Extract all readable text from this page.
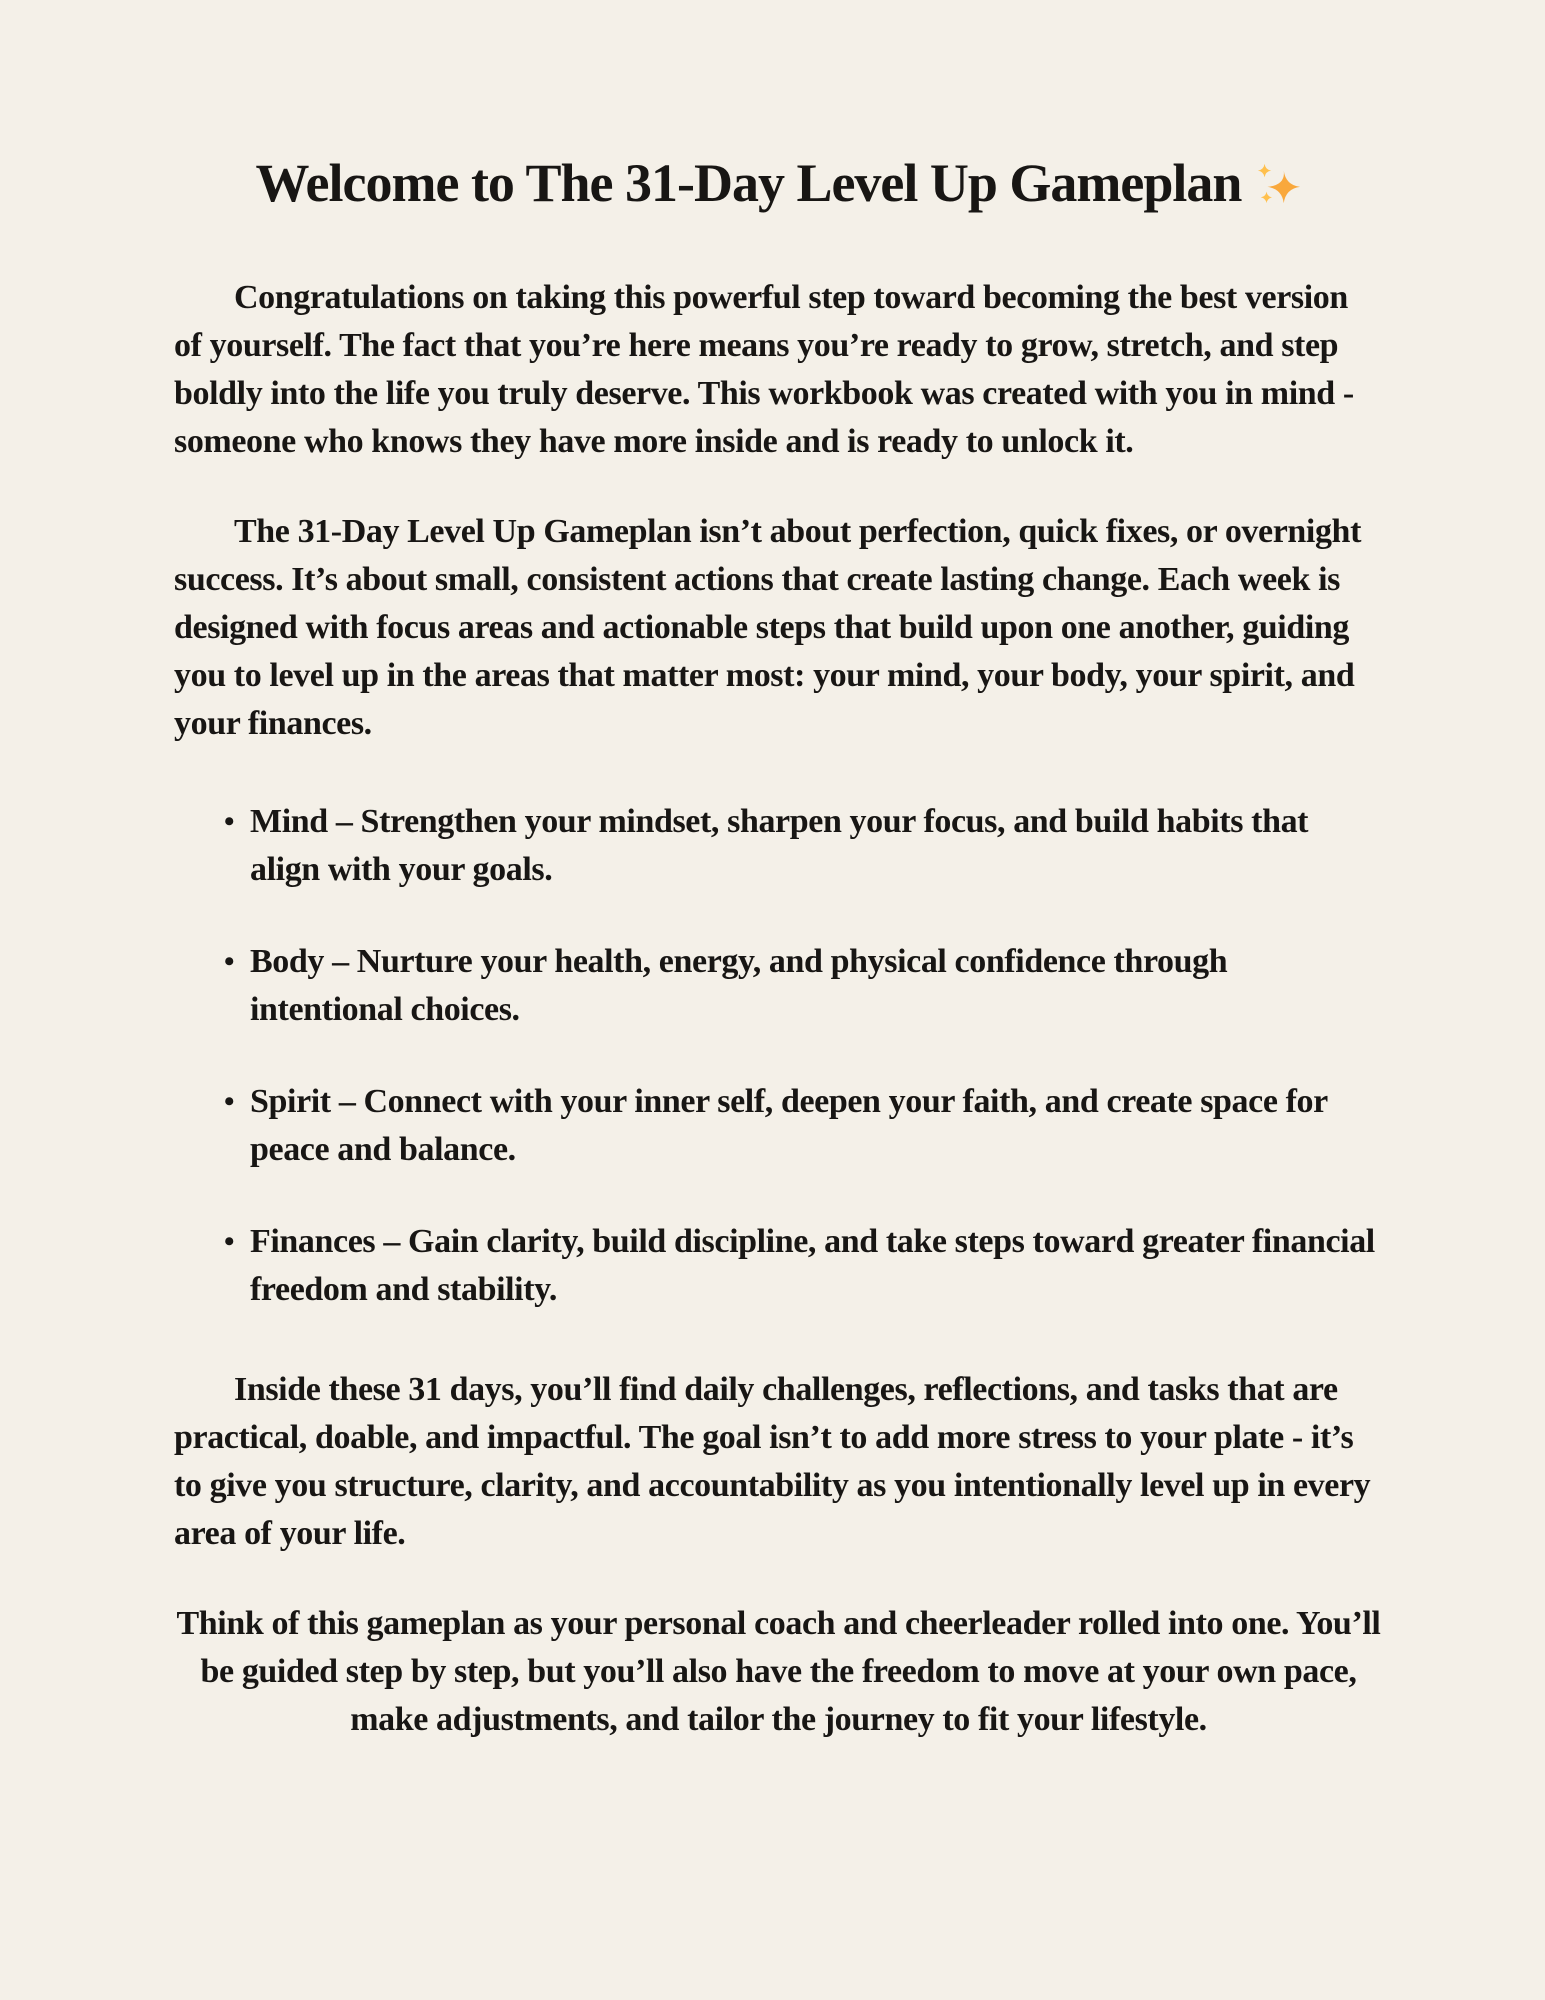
Welcome to The 31-Day Level Up Gameplan

Congratulations on taking this powerful step toward becoming the best version of yourself. The fact that you’re here means you’re ready to grow, stretch, and step boldly into the life you truly deserve. This workbook was created with you in mind - someone who knows they have more inside and is ready to unlock it.

The 31-Day Level Up Gameplan isn’t about perfection, quick fixes, or overnight success. It’s about small, consistent actions that create lasting change. Each week is designed with focus areas and actionable steps that build upon one another, guiding you to level up in the areas that matter most: your mind, your body, your spirit, and your finances.

• Mind – Strengthen your mindset, sharpen your focus, and build habits that align with your goals.
• Body – Nurture your health, energy, and physical confidence through intentional choices.
• Spirit – Connect with your inner self, deepen your faith, and create space for peace and balance.
• Finances – Gain clarity, build discipline, and take steps toward greater financial freedom and stability.

Inside these 31 days, you’ll find daily challenges, reflections, and tasks that are practical, doable, and impactful. The goal isn’t to add more stress to your plate - it’s to give you structure, clarity, and accountability as you intentionally level up in every area of your life.

Think of this gameplan as your personal coach and cheerleader rolled into one. You’ll be guided step by step, but you’ll also have the freedom to move at your own pace, make adjustments, and tailor the journey to fit your lifestyle.
